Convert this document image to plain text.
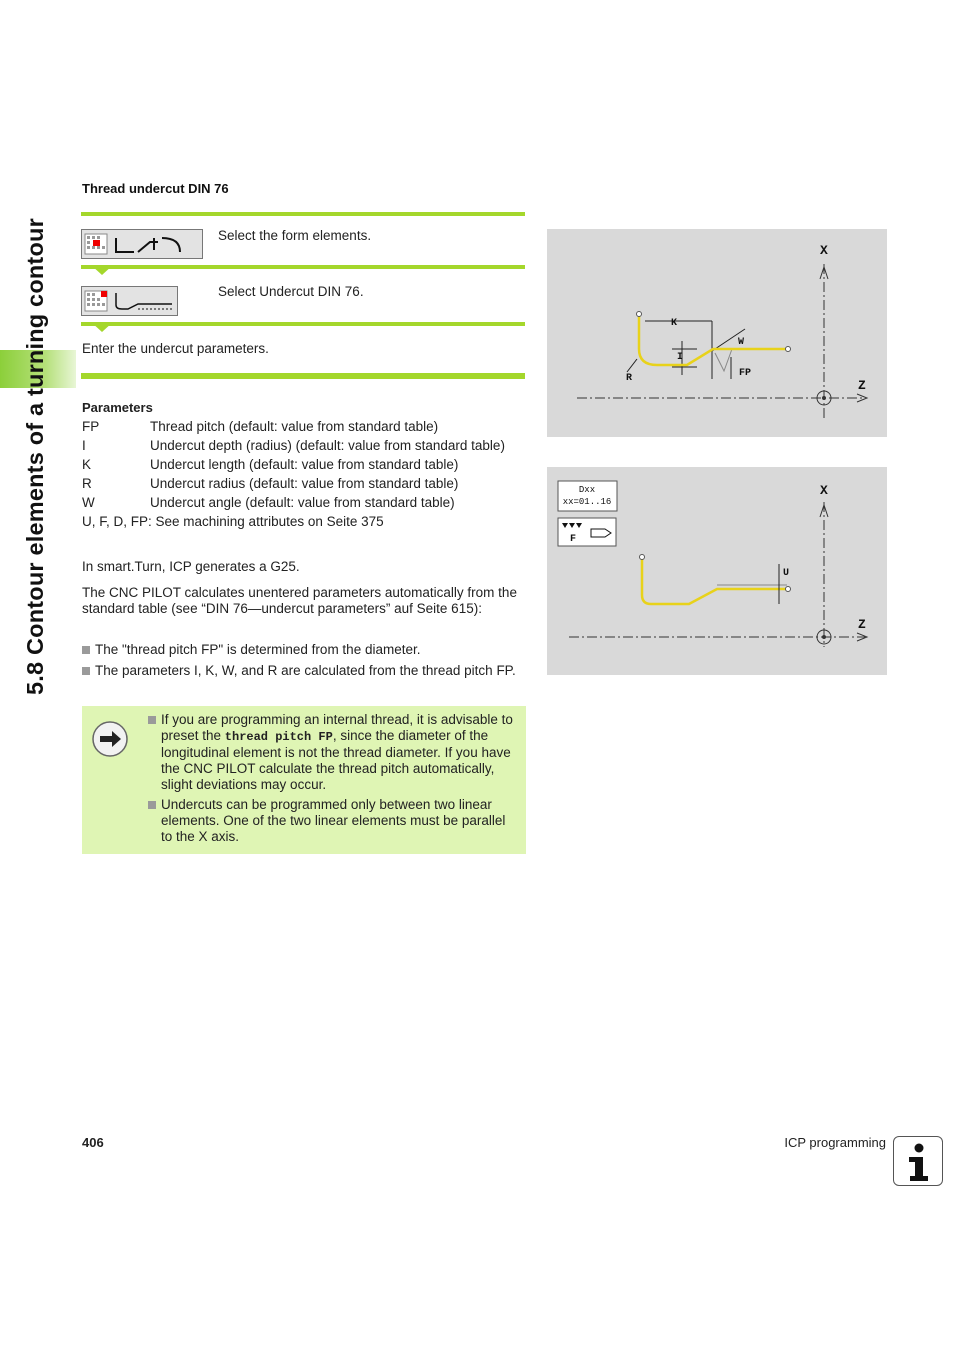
5.8 Contour elements of a turning contour
Thread undercut DIN 76
Select the form elements.
Select Undercut DIN 76.
Enter the undercut parameters.
Parameters
FP	Thread pitch (default: value from standard table)
I	Undercut depth (radius) (default: value from standard table)
K	Undercut length (default: value from standard table)
R	Undercut radius (default: value from standard table)
W	Undercut angle (default: value from standard table)
U, F, D, FP: See machining attributes on Seite 375
In smart.Turn, ICP generates a G25.
The CNC PILOT calculates unentered parameters automatically from the standard table (see “DIN 76—undercut parameters” auf Seite 615):
The "thread pitch FP" is determined from the diameter.
The parameters I, K, W, and R are calculated from the thread pitch FP.
If you are programming an internal thread, it is advisable to preset the thread pitch FP, since the diameter of the longitudinal element is not the thread diameter. If you have the CNC PILOT calculate the thread pitch automatically, slight deviations may occur.
Undercuts can be programmed only between two linear elements. One of the two linear elements must be parallel to the X axis.
X
Z
K
W
I
R	FP
Dxx
xx=01..16
F
X
Z
U
406	ICP programming
